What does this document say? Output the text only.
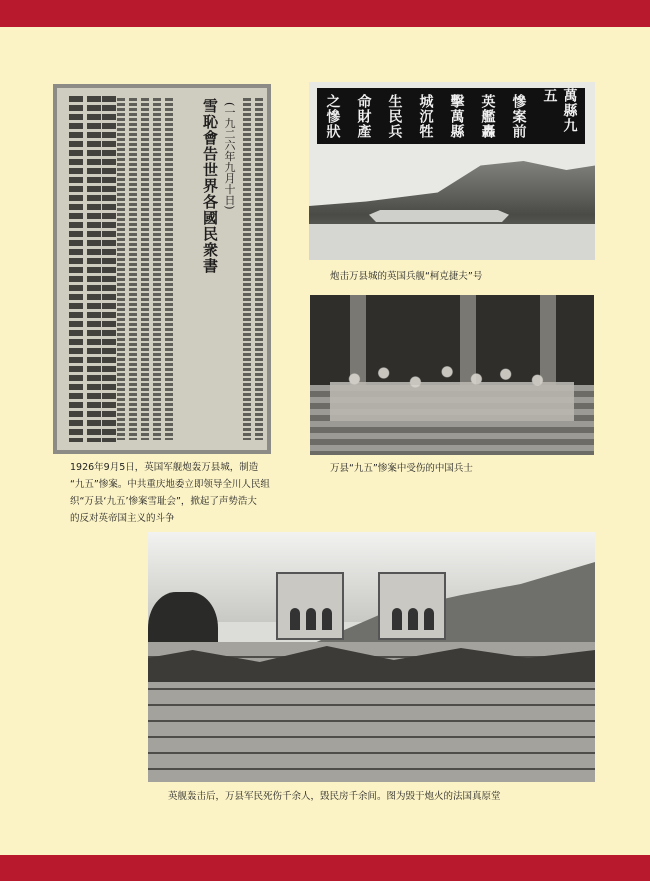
雪恥會告世界各國民衆書 (一九二六年九月十日)

1926年9月5日，英国军舰炮轰万县城，制造
“九五”惨案。中共重庆地委立即领导全川人民组
织“万县‘九五’惨案雪耻会”，掀起了声势浩大
的反对英帝国主义的斗争

萬縣九五
慘案前
英艦轟
擊萬縣
城沉牲
生民兵
命財產
之慘狀

炮击万县城的英国兵舰“柯克捷夫”号

万县“九五”惨案中受伤的中国兵士

英舰轰击后，万县军民死伤千余人，毁民房千余间。图为毁于炮火的法国真原堂
